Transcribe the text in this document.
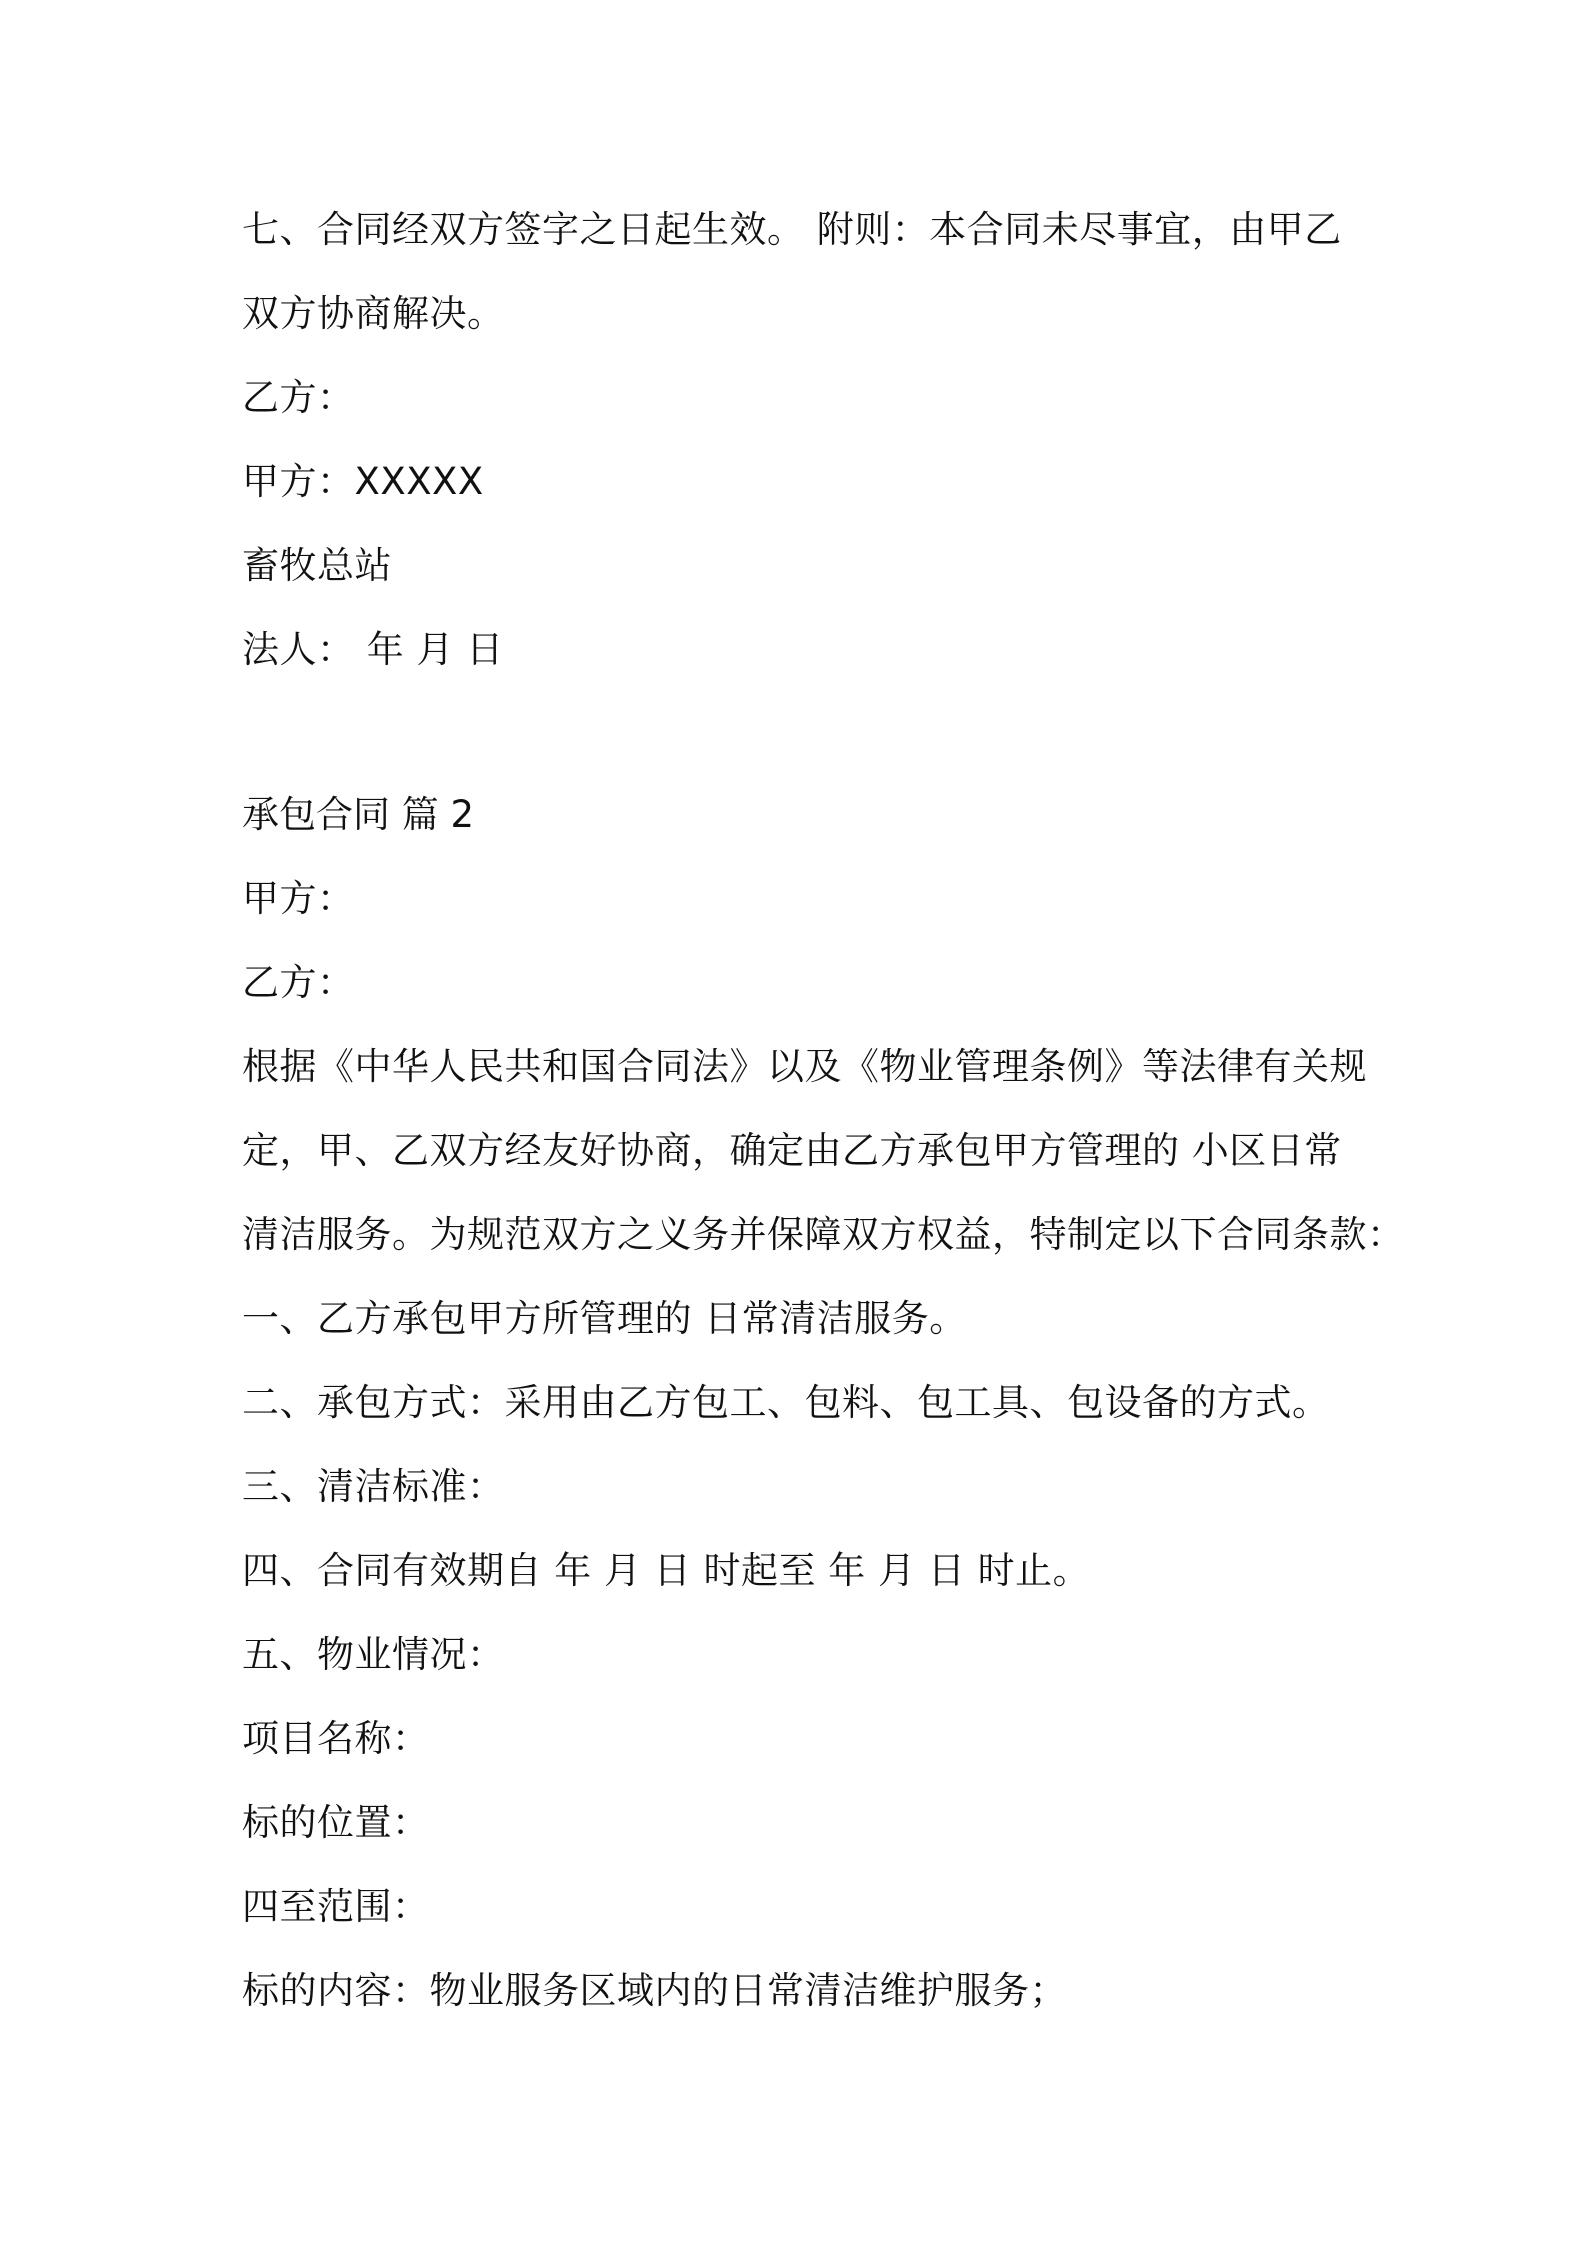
七、合同经双方签字之日起生效。 附则：本合同未尽事宜，由甲乙
双方协商解决。
乙方：
甲方：XXXXX
畜牧总站
法人： 年 月 日
承包合同 篇 2
甲方：
乙方：
根据《中华人民共和国合同法》以及《物业管理条例》等法律有关规
定，甲、乙双方经友好协商，确定由乙方承包甲方管理的 小区日常
清洁服务。为规范双方之义务并保障双方权益，特制定以下合同条款：
一、乙方承包甲方所管理的 日常清洁服务。
二、承包方式：采用由乙方包工、包料、包工具、包设备的方式。
三、清洁标准：
四、合同有效期自 年 月 日 时起至 年 月 日 时止。
五、物业情况：
项目名称：
标的位置：
四至范围：
标的内容：物业服务区域内的日常清洁维护服务；
